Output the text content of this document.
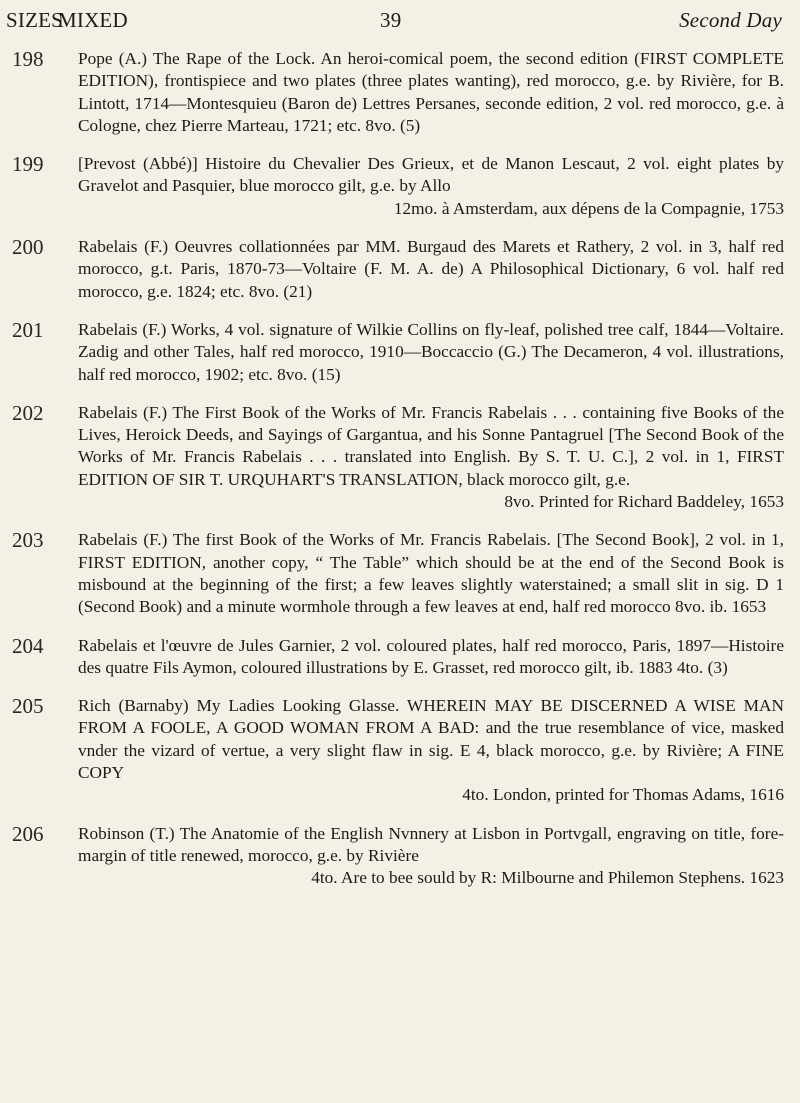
SIZES
MIXED	39	Second Day
198 Pope (A.) The Rape of the Lock. An heroi-comical poem, the second edition (FIRST COMPLETE EDITION), frontispiece and two plates (three plates wanting), red morocco, g.e. by Rivière, for B. Lintott, 1714—Montesquieu (Baron de) Lettres Persanes, seconde edition, 2 vol. red morocco, g.e. à Cologne, chez Pierre Marteau, 1721; etc. 8vo. (5)
199 [Prevost (Abbé)] Histoire du Chevalier Des Grieux, et de Manon Lescaut, 2 vol. eight plates by Gravelot and Pasquier, blue morocco gilt, g.e. by Allo
12mo. à Amsterdam, aux dépens de la Compagnie, 1753
200 Rabelais (F.) Oeuvres collationnées par MM. Burgaud des Marets et Rathery, 2 vol. in 3, half red morocco, g.t. Paris, 1870-73—Voltaire (F. M. A. de) A Philosophical Dictionary, 6 vol. half red morocco, g.e. 1824; etc. 8vo. (21)
201 Rabelais (F.) Works, 4 vol. signature of Wilkie Collins on fly-leaf, polished tree calf, 1844—Voltaire. Zadig and other Tales, half red morocco, 1910—Boccaccio (G.) The Decameron, 4 vol. illustrations, half red morocco, 1902; etc. 8vo. (15)
202 Rabelais (F.) The First Book of the Works of Mr. Francis Rabelais . . . containing five Books of the Lives, Heroick Deeds, and Sayings of Gargantua, and his Sonne Pantagruel [The Second Book of the Works of Mr. Francis Rabelais . . . translated into English. By S. T. U. C.], 2 vol. in 1, FIRST EDITION OF SIR T. URQUHART'S TRANSLATION, black morocco gilt, g.e.
8vo. Printed for Richard Baddeley, 1653
203 Rabelais (F.) The first Book of the Works of Mr. Francis Rabelais. [The Second Book], 2 vol. in 1, FIRST EDITION, another copy, “ The Table” which should be at the end of the Second Book is misbound at the beginning of the first; a few leaves slightly waterstained; a small slit in sig. D 1 (Second Book) and a minute wormhole through a few leaves at end, half red morocco 8vo. ib. 1653
204 Rabelais et l'œuvre de Jules Garnier, 2 vol. coloured plates, half red morocco, Paris, 1897—Histoire des quatre Fils Aymon, coloured illustrations by E. Grasset, red morocco gilt, ib. 1883 4to. (3)
205 Rich (Barnaby) My Ladies Looking Glasse. WHEREIN MAY BE DISCERNED A WISE MAN FROM A FOOLE, A GOOD WOMAN FROM A BAD: and the true resemblance of vice, masked vnder the vizard of vertue, a very slight flaw in sig. E 4, black morocco, g.e. by Rivière; A FINE COPY
4to. London, printed for Thomas Adams, 1616
206 Robinson (T.) The Anatomie of the English Nvnnery at Lisbon in Portvgall, engraving on title, fore-margin of title renewed, morocco, g.e. by Rivière
4to. Are to bee sould by R: Milbourne and Philemon Stephens. 1623
